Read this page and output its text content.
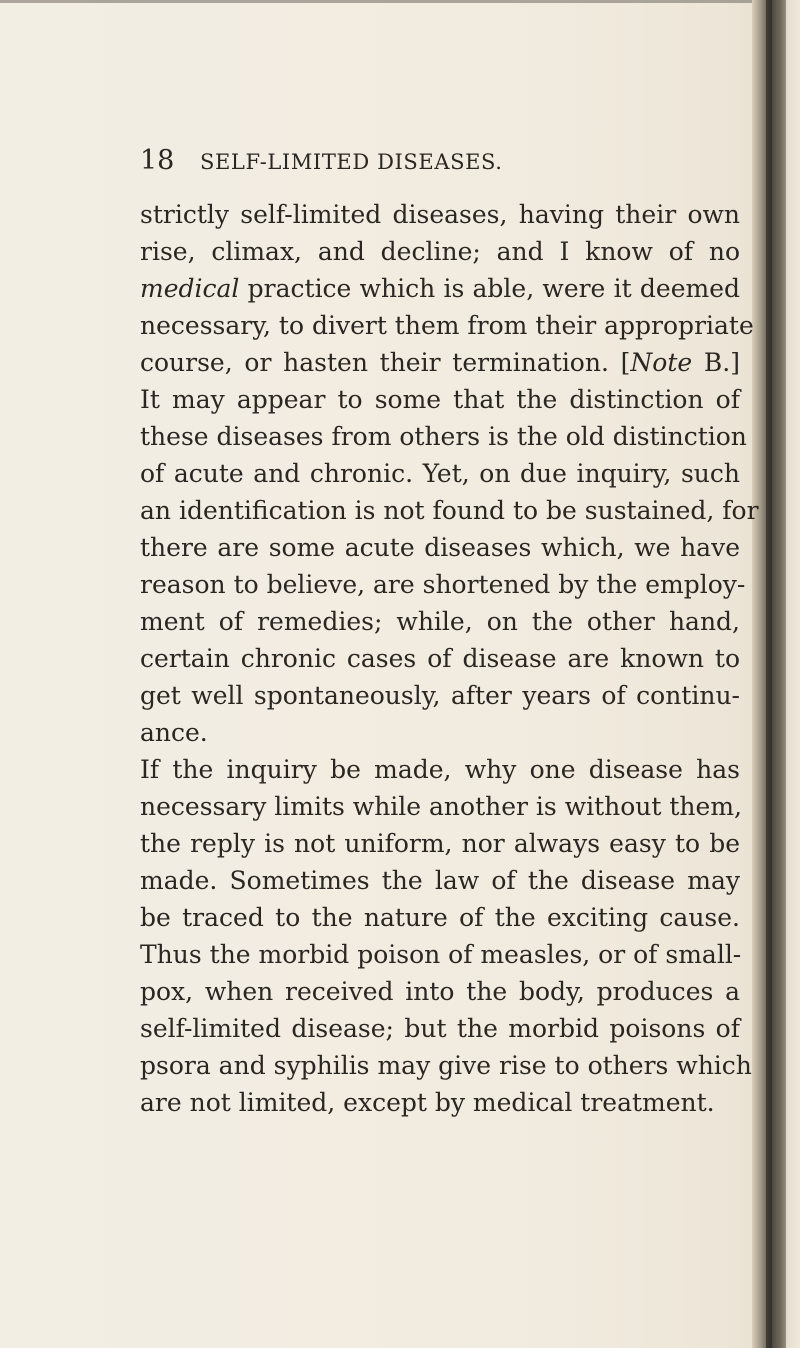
18 SELF-LIMITED DISEASES.
strictly self-limited diseases, having their own
rise, climax, and decline; and I know of no
medical practice which is able, were it deemed
necessary, to divert them from their appropriate
course, or hasten their termination. [Note B.]
It may appear to some that the distinction of
these diseases from others is the old distinction
of acute and chronic. Yet, on due inquiry, such
an identification is not found to be sustained, for
there are some acute diseases which, we have
reason to believe, are shortened by the employ-
ment of remedies; while, on the other hand,
certain chronic cases of disease are known to
get well spontaneously, after years of continu-
ance.
If the inquiry be made, why one disease has
necessary limits while another is without them,
the reply is not uniform, nor always easy to be
made. Sometimes the law of the disease may
be traced to the nature of the exciting cause.
Thus the morbid poison of measles, or of small-
pox, when received into the body, produces a
self-limited disease; but the morbid poisons of
psora and syphilis may give rise to others which
are not limited, except by medical treatment.
